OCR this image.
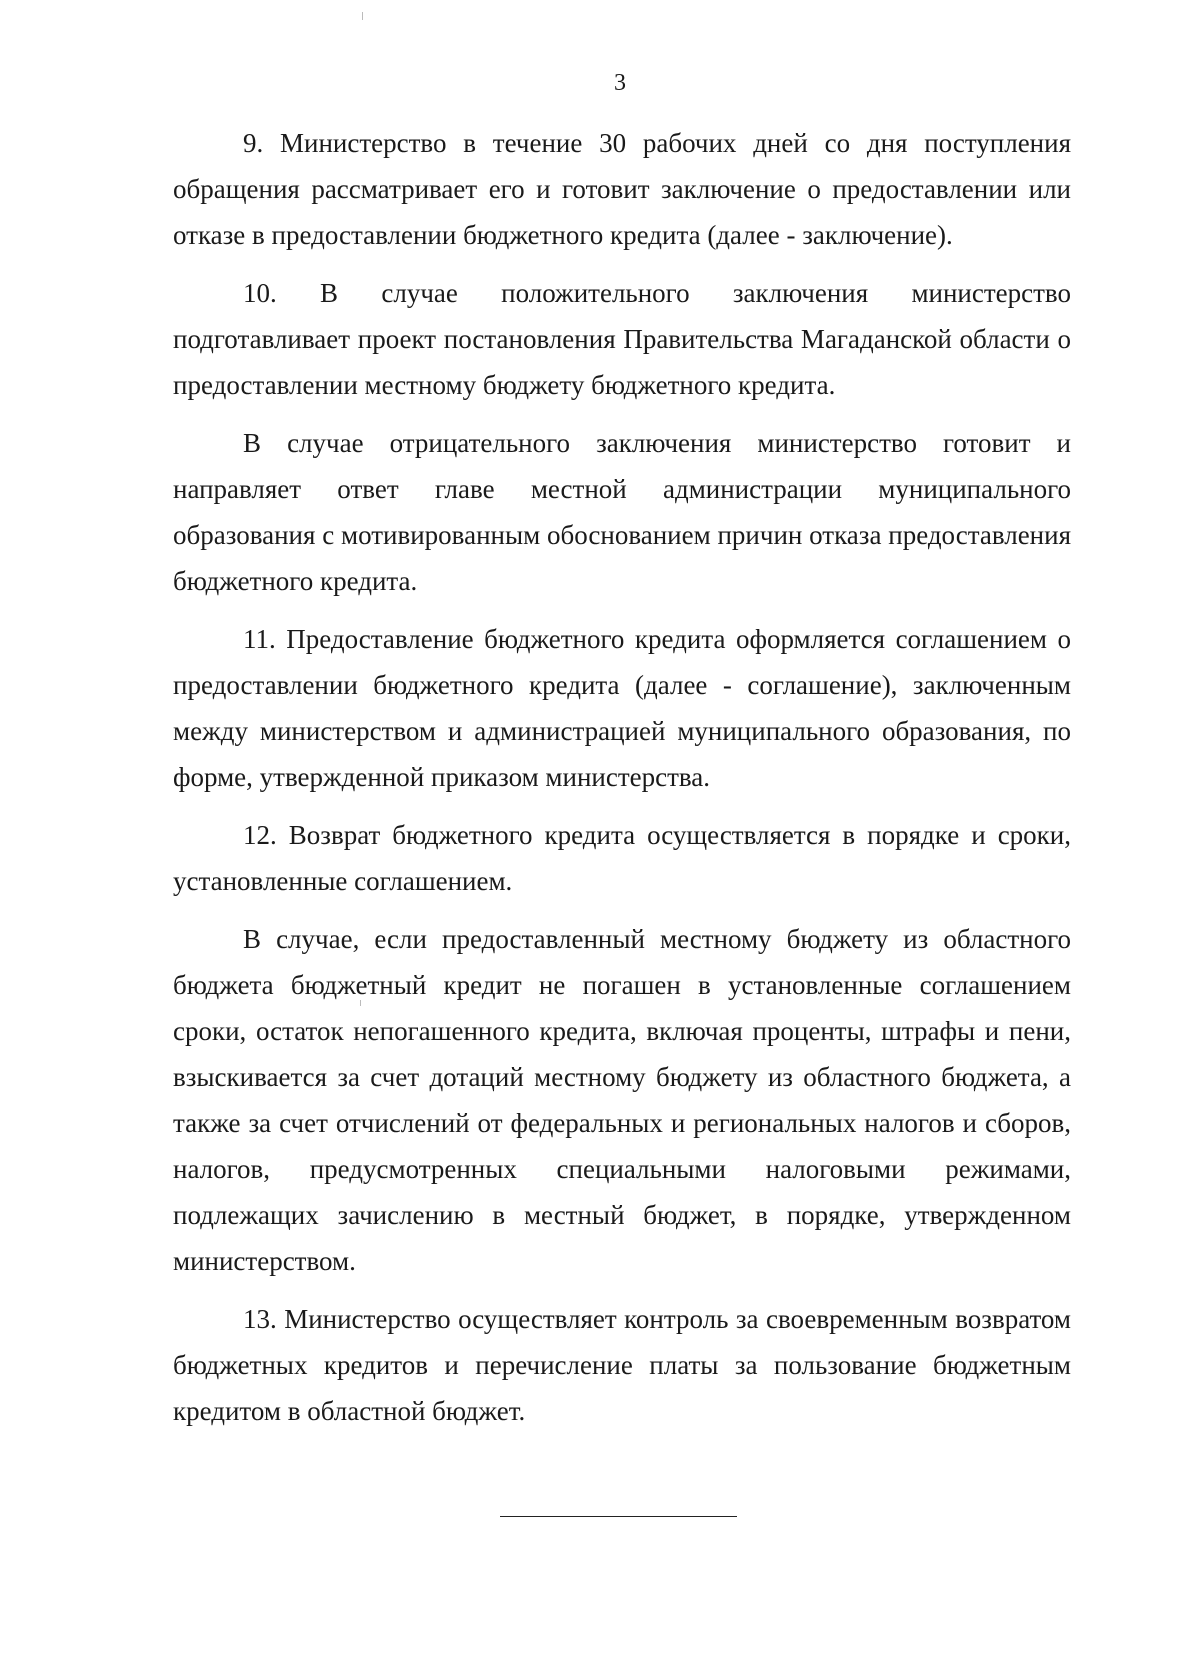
3

9. Министерство в течение 30 рабочих дней со дня поступления обращения рассматривает его и готовит заключение о предоставлении или отказе в предоставлении бюджетного кредита (далее - заключение).

10. В случае положительного заключения министерство подготавливает проект постановления Правительства Магаданской области о предоставлении местному бюджету бюджетного кредита.

В случае отрицательного заключения министерство готовит и направляет ответ главе местной администрации муниципального образования с мотивированным обоснованием причин отказа предоставления бюджетного кредита.

11. Предоставление бюджетного кредита оформляется соглашением о предоставлении бюджетного кредита (далее - соглашение), заключенным между министерством и администрацией муниципального образования, по форме, утвержденной приказом министерства.

12. Возврат бюджетного кредита осуществляется в порядке и сроки, установленные соглашением.

В случае, если предоставленный местному бюджету из областного бюджета бюджетный кредит не погашен в установленные соглашением сроки, остаток непогашенного кредита, включая проценты, штрафы и пени, взыскивается за счет дотаций местному бюджету из областного бюджета, а также за счет отчислений от федеральных и региональных налогов и сборов, налогов, предусмотренных специальными налоговыми режимами, подлежащих зачислению в местный бюджет, в порядке, утвержденном министерством.

13. Министерство осуществляет контроль за своевременным возвратом бюджетных кредитов и перечисление платы за пользование бюджетным кредитом в областной бюджет.
